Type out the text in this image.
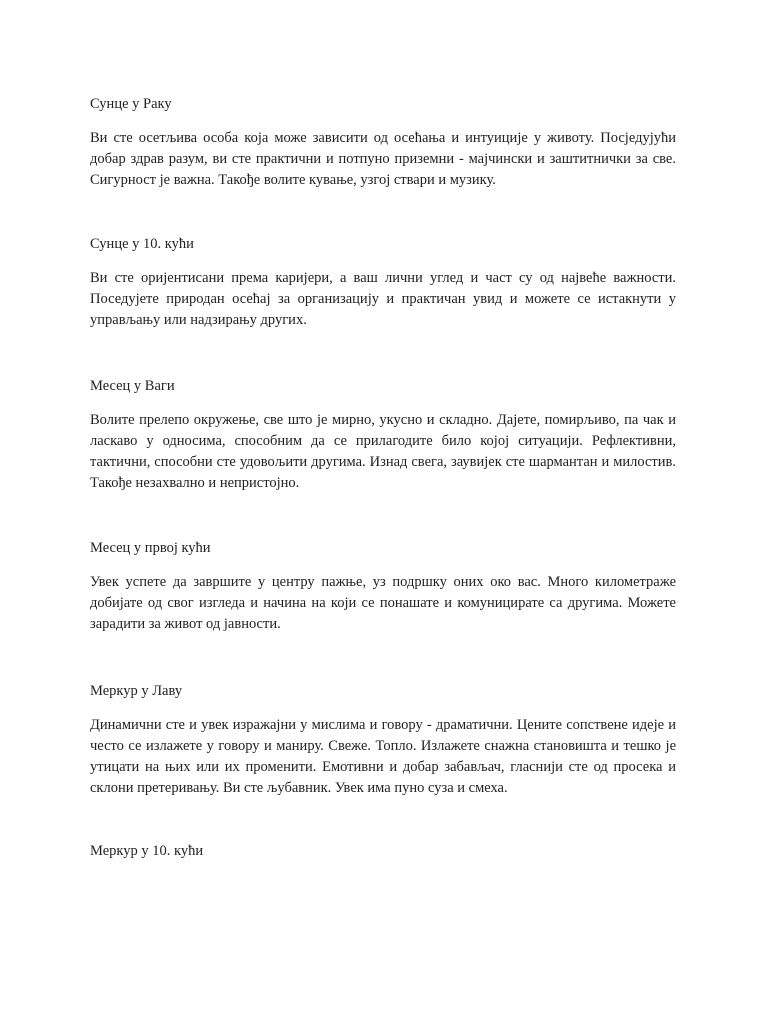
Сунце у Раку

Ви сте осетљива особа која може зависити од осећања и интуиције у животу. Посједујући добар здрав разум, ви сте практични и потпуно приземни - мајчински и заштитнички за све. Сигурност је важна. Такође волите кување, узгој ствари и музику.

Сунце у 10. кући

Ви сте оријентисани према каријери, а ваш лични углед и част су од највеће важности. Поседујете природан осећај за организацију и практичан увид и можете се истакнути у управљању или надзирању других.

Месец у Ваги

Волите прелепо окружење, све што је мирно, укусно и складно. Дајете, помирљиво, па чак и ласкаво у односима, способним да се прилагодите било којој ситуацији. Рефлективни, тактични, способни сте удовољити другима. Изнад свега, заувијек сте шармантан и милостив. Такође незахвално и непристојно.

Месец у првој кући

Увек успете да завршите у центру пажње, уз подршку оних око вас. Много километраже добијате од свог изгледа и начина на који се понашате и комуницирате са другима. Можете зарадити за живот од јавности.

Меркур у Лаву

Динамични сте и увек изражајни у мислима и говору - драматични. Цените сопствене идеје и често се излажете у говору и маниру. Свеже. Топло. Излажете снажна становишта и тешко је утицати на њих или их променити. Емотивни и добар забављач, гласнији сте од просека и склони претеривању. Ви сте љубавник. Увек има пуно суза и смеха.

Меркур у 10. кући
